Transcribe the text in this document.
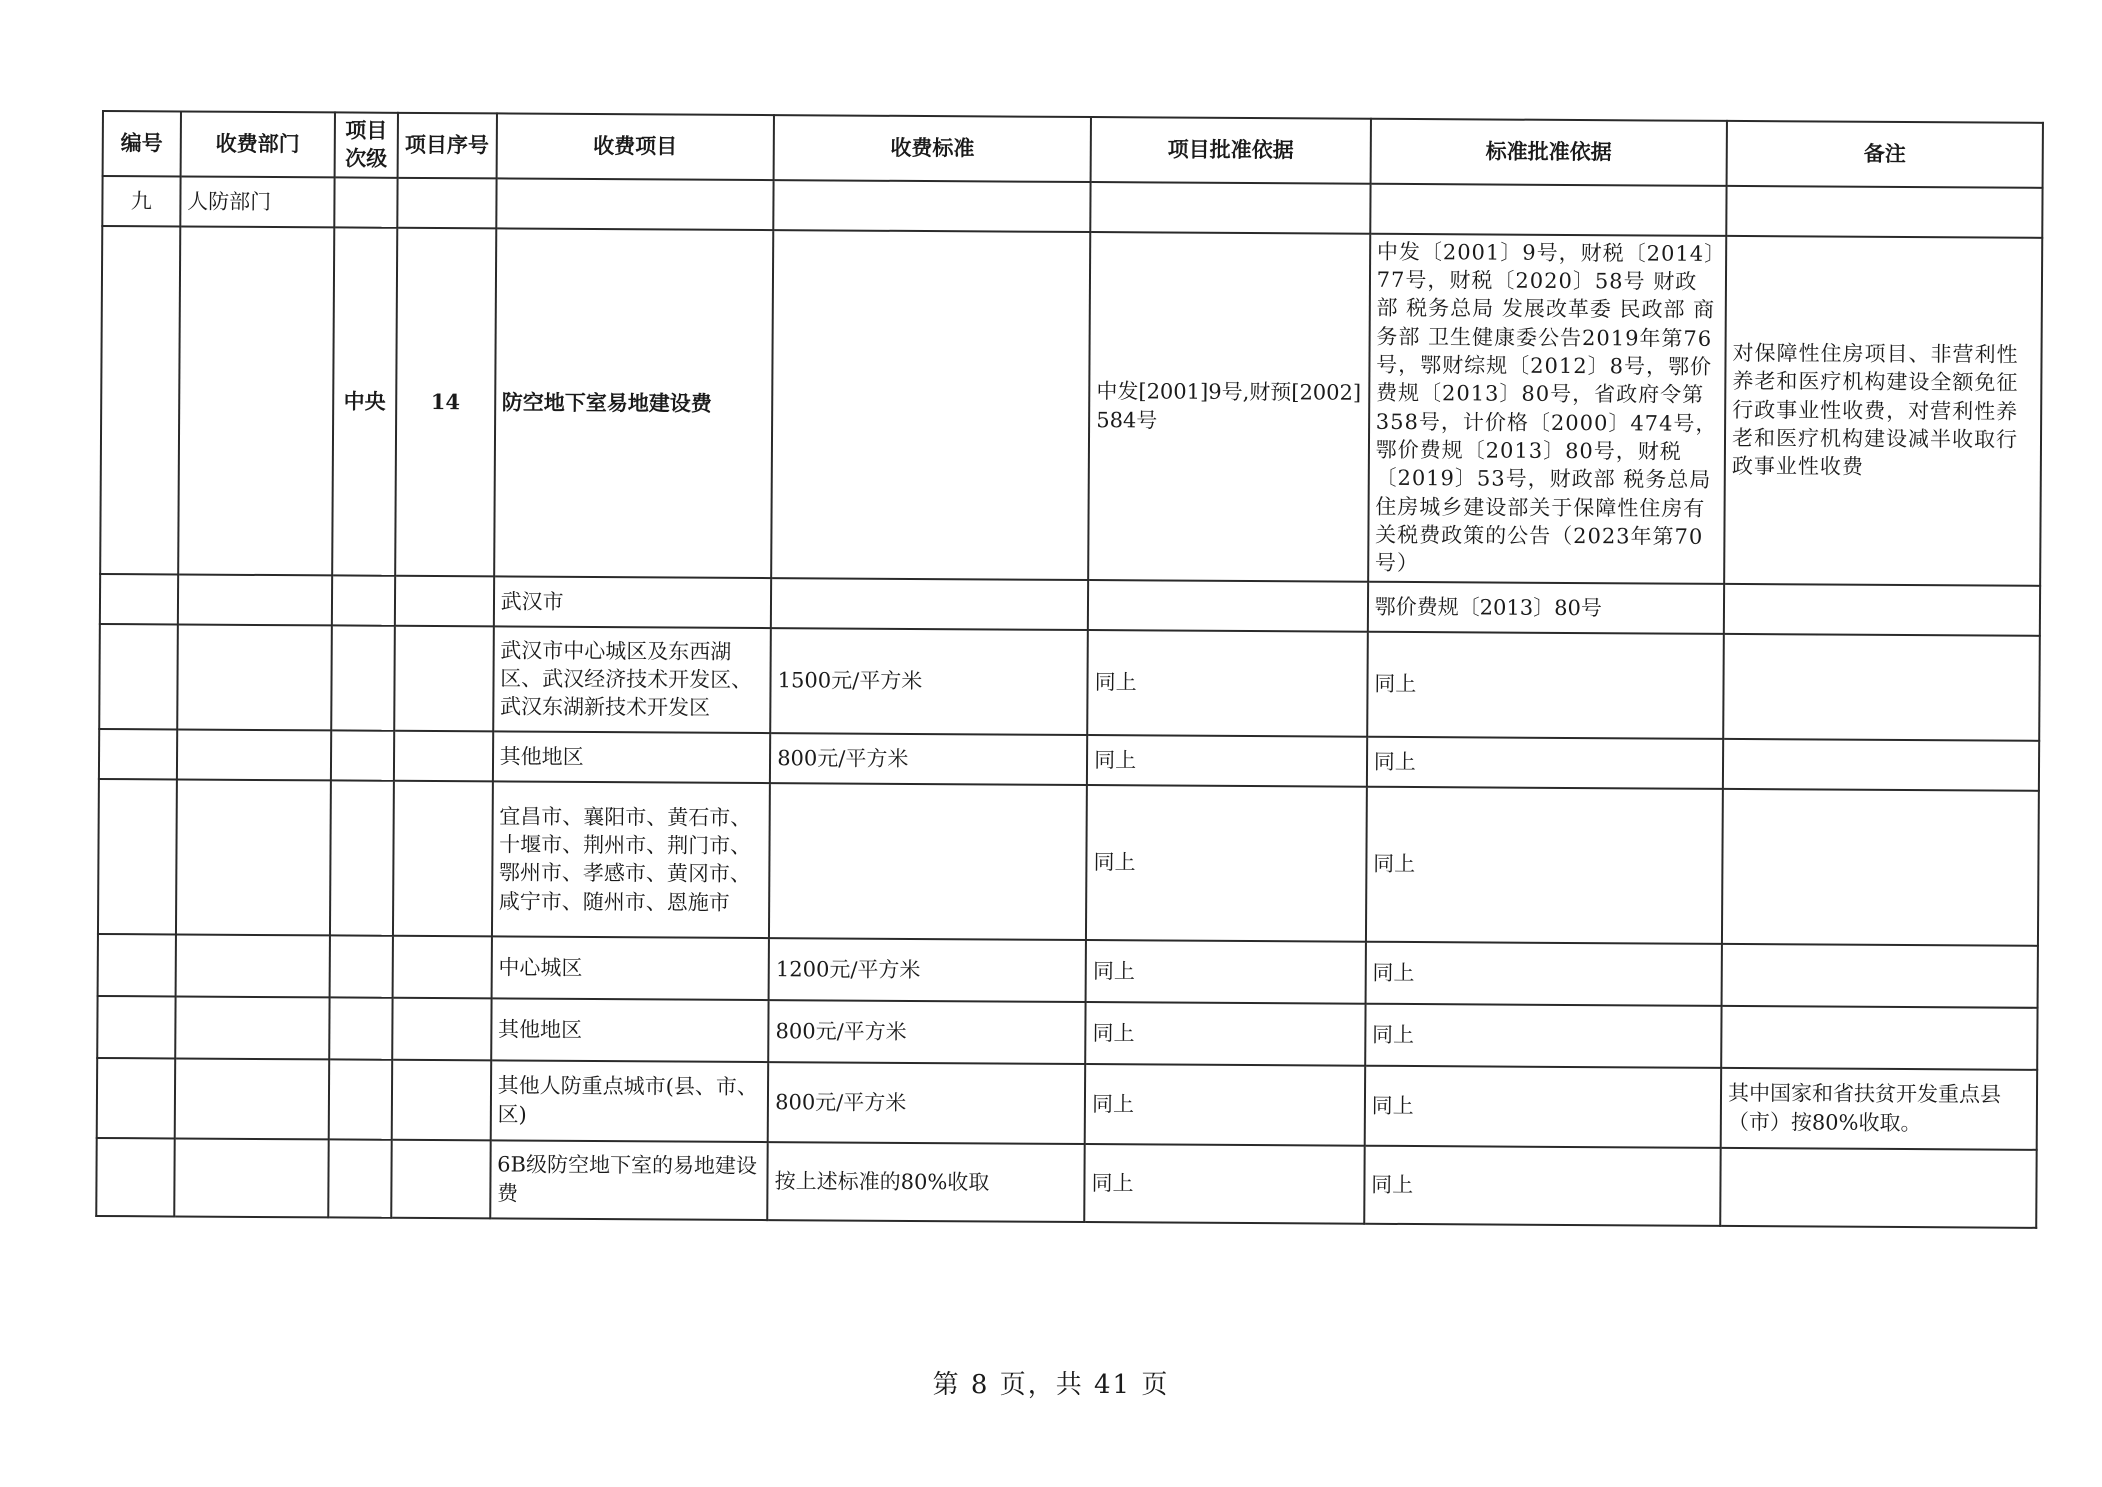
编号	收费部门	项目次级	项目序号	收费项目	收费标准	项目批准依据	标准批准依据	备注
九	人防部门							
		中央	14	防空地下室易地建设费		中发[2001]9号,财预[2002]584号	中发〔2001〕9号，财税〔2014〕77号，财税〔2020〕58号 财政部 税务总局 发展改革委 民政部 商务部 卫生健康委公告2019年第76号，鄂财综规〔2012〕8号，鄂价费规〔2013〕80号，省政府令第358号，计价格〔2000〕474号，鄂价费规〔2013〕80号，财税〔2019〕53号，财政部 税务总局 住房城乡建设部关于保障性住房有关税费政策的公告（2023年第70号）	对保障性住房项目、非营利性养老和医疗机构建设全额免征行政事业性收费，对营利性养老和医疗机构建设减半收取行政事业性收费
				武汉市			鄂价费规〔2013〕80号	
				武汉市中心城区及东西湖区、武汉经济技术开发区、武汉东湖新技术开发区	1500元/平方米	同上	同上	
				其他地区	800元/平方米	同上	同上	
				宜昌市、襄阳市、黄石市、十堰市、荆州市、荆门市、鄂州市、孝感市、黄冈市、咸宁市、随州市、恩施市		同上	同上	
				中心城区	1200元/平方米	同上	同上	
				其他地区	800元/平方米	同上	同上	
				其他人防重点城市(县、市、区)	800元/平方米	同上	同上	其中国家和省扶贫开发重点县（市）按80%收取。
				6B级防空地下室的易地建设费	按上述标准的80%收取	同上	同上	
第 8 页，共 41 页
